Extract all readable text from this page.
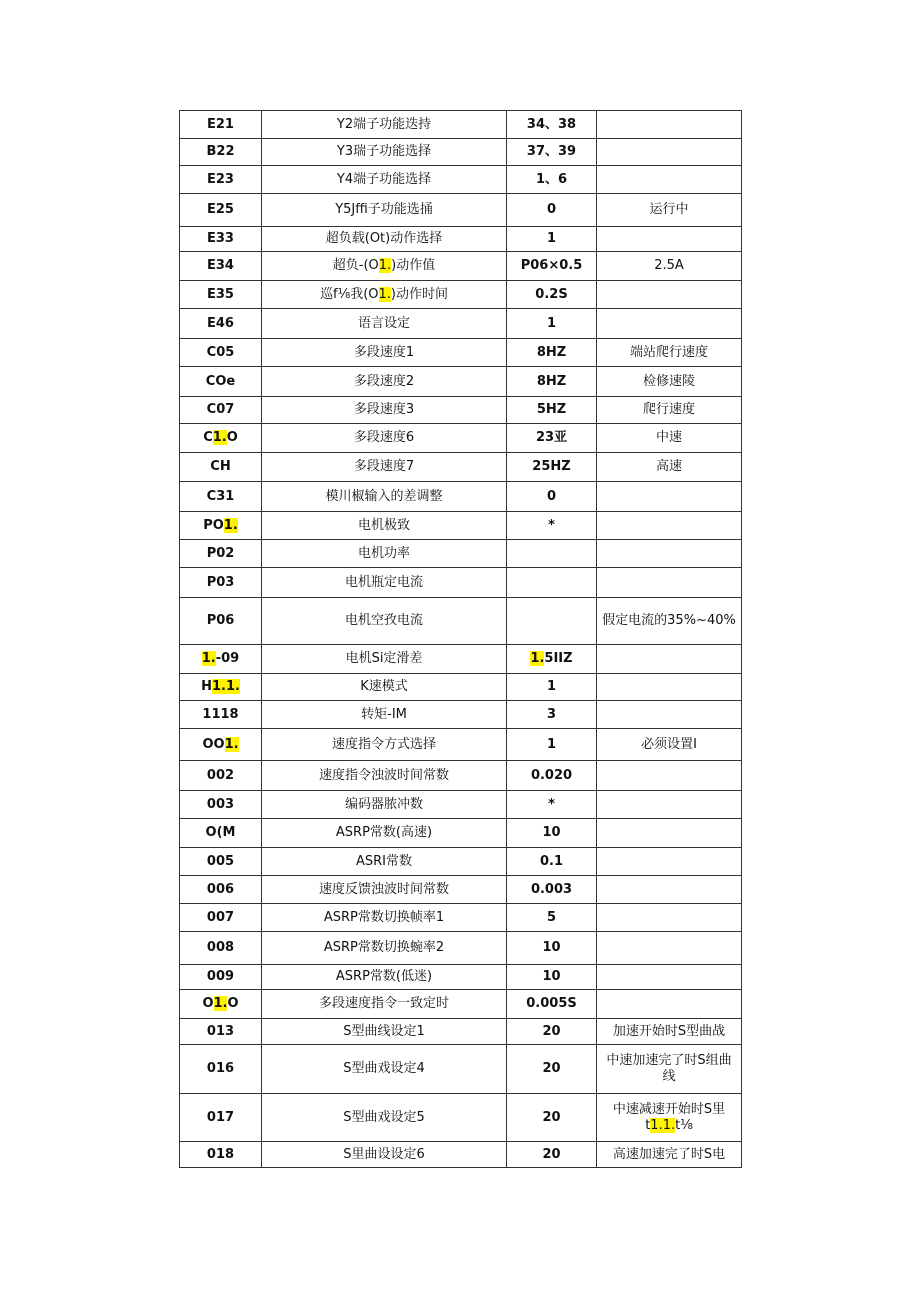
E21	Y2端子功能迭持	34、38	
B22	Y3瑞子功能选择	37、39	
E23	Y4端子功能选择	1、6	
E25	Y5Jffi子功能选捅	0	运行中
E33	超负载(Ot)动作选择	1	
E34	超负-(O1.)动作值	P06×0.5	2.5A
E35	巡f⅛我(O1.)动作时间	0.2S	
E46	语言设定	1	
C05	多段速度1	8HZ	端站爬行速度
COe	多段速度2	8HZ	检修速陵
C07	多段速度3	5HZ	爬行速度
C1.O	多段速度6	23亚	中速
CH	多段速度7	25HZ	高速
C31	模川椒输入的差调整	0	
PO1.	电机极致	*	
P02	电机功率		
P03	电机瓶定电流		
P06	电机空孜电流		假定电流的35%~40%
1.-09	电机Si定滑差	1.5IIZ	
H1.1.	K速模式	1	
1118	转矩-IM	3	
OO1.	速度指令方式选择	1	必须设置I
002	速度指令浊波时间常数	0.020	
003	编码器脓冲数	*	
O(M	ASRP常数(高速)	10	
005	ASRI常数	0.1	
006	速度反馈浊波时间常数	0.003	
007	ASRP常数切换帧率1	5	
008	ASRP常数切换蜿率2	10	
009	ASRP常数(低迷)	10	
O1.O	多段速度指令一致定时	0.005S	
013	S型曲线设定1	20	加速开始时S型曲战
016	S型曲戏设定4	20	中速加速完了时S组曲线
017	S型曲戏设定5	20	中速减速开始时S里t1.1.t⅛
018	S里曲设设定6	20	高速加速完了时S电
